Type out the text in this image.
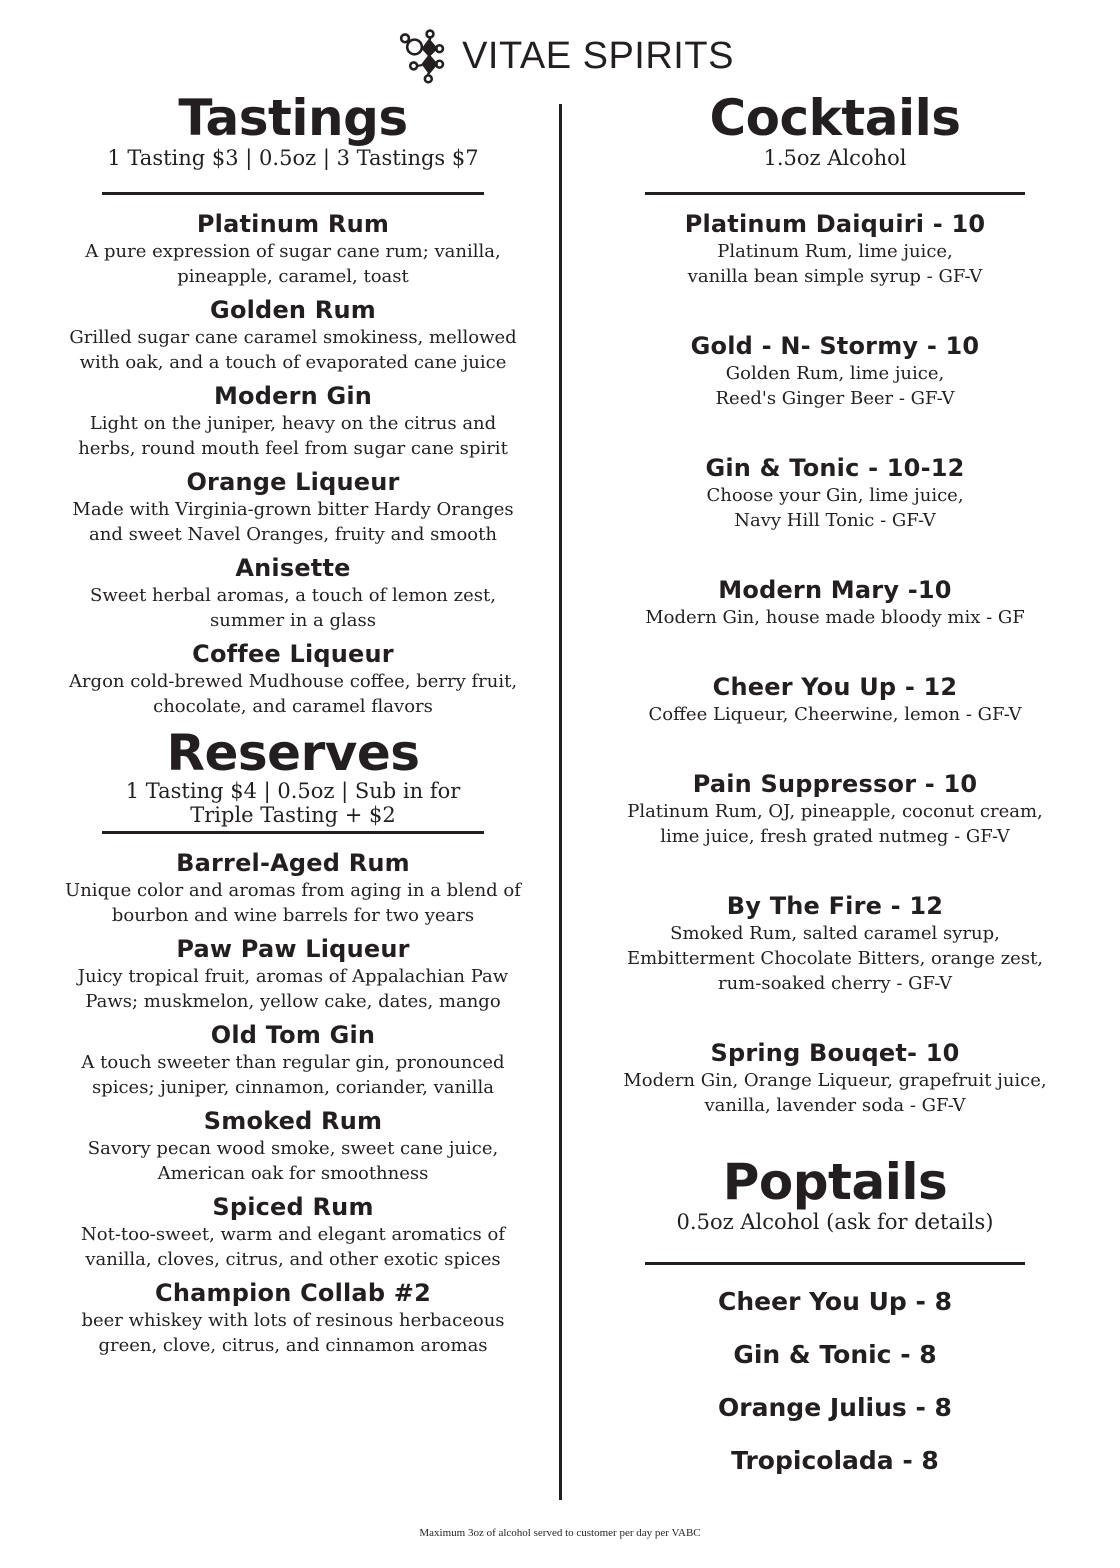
VITAE SPIRITS
Tastings
1 Tasting $3 | 0.5oz | 3 Tastings $7
Platinum Rum
A pure expression of sugar cane rum; vanilla,
pineapple, caramel, toast
Golden Rum
Grilled sugar cane caramel smokiness, mellowed
with oak, and a touch of evaporated cane juice
Modern Gin
Light on the juniper, heavy on the citrus and
herbs, round mouth feel from sugar cane spirit
Orange Liqueur
Made with Virginia-grown bitter Hardy Oranges
and sweet Navel Oranges, fruity and smooth
Anisette
Sweet herbal aromas, a touch of lemon zest,
summer in a glass
Coffee Liqueur
Argon cold-brewed Mudhouse coffee, berry fruit,
chocolate, and caramel flavors
Reserves
1 Tasting $4 | 0.5oz | Sub in for
Triple Tasting + $2
Barrel-Aged Rum
Unique color and aromas from aging in a blend of
bourbon and wine barrels for two years
Paw Paw Liqueur
Juicy tropical fruit, aromas of Appalachian Paw
Paws; muskmelon, yellow cake, dates, mango
Old Tom Gin
A touch sweeter than regular gin, pronounced
spices; juniper, cinnamon, coriander, vanilla
Smoked Rum
Savory pecan wood smoke, sweet cane juice,
American oak for smoothness
Spiced Rum
Not-too-sweet, warm and elegant aromatics of
vanilla, cloves, citrus, and other exotic spices
Champion Collab #2
beer whiskey with lots of resinous herbaceous
green, clove, citrus, and cinnamon aromas
Cocktails
1.5oz Alcohol
Platinum Daiquiri - 10
Platinum Rum, lime juice,
vanilla bean simple syrup - GF-V
Gold - N- Stormy - 10
Golden Rum, lime juice,
Reed's Ginger Beer - GF-V
Gin & Tonic - 10-12
Choose your Gin, lime juice,
Navy Hill Tonic - GF-V
Modern Mary -10
Modern Gin, house made bloody mix - GF
Cheer You Up - 12
Coffee Liqueur, Cheerwine, lemon - GF-V
Pain Suppressor - 10
Platinum Rum, OJ, pineapple, coconut cream,
lime juice, fresh grated nutmeg - GF-V
By The Fire - 12
Smoked Rum, salted caramel syrup,
Embitterment Chocolate Bitters, orange zest,
rum-soaked cherry - GF-V
Spring Bouqet- 10
Modern Gin, Orange Liqueur, grapefruit juice,
vanilla, lavender soda - GF-V
Poptails
0.5oz Alcohol (ask for details)
Cheer You Up - 8
Gin & Tonic - 8
Orange Julius - 8
Tropicolada - 8
Maximum 3oz of alcohol served to customer per day per VABC
